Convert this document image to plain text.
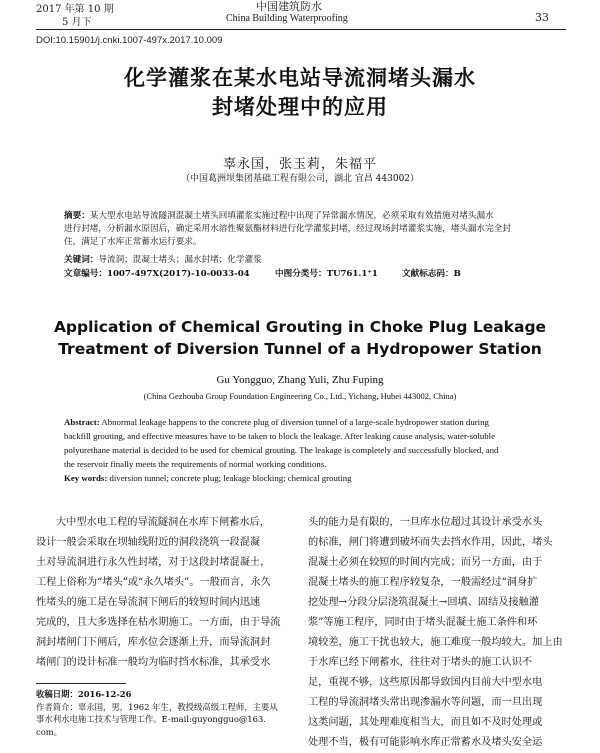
2017 年第 10 期	中国建筑防水
5 月下	China Building Waterproofing	33
DOI:10.15901/j.cnki.1007-497x.2017.10.009
化学灌浆在某水电站导流洞堵头漏水
封堵处理中的应用
辜永国，张玉莉，朱福平
（中国葛洲坝集团基础工程有限公司，湖北 宜昌 443002）
摘要：某大型水电站导流隧洞混凝土堵头回填灌浆实施过程中出现了异常漏水情况，必须采取有效措施对堵头漏水
进行封堵，分析漏水原因后，确定采用水溶性聚氨酯材料进行化学灌浆封堵，经过现场封堵灌浆实施，堵头漏水完全封
住，满足了水库正常蓄水运行要求。
关键词：导流洞；混凝土堵头；漏水封堵；化学灌浆
文章编号：1007-497X(2017)-10-0033-04	中图分类号：TU761.1⁺1	文献标志码：B
Application of Chemical Grouting in Choke Plug Leakage
Treatment of Diversion Tunnel of a Hydropower Station
Gu Yongguo, Zhang Yuli, Zhu Fuping
(China Gezhouba Group Foundation Engineering Co., Ltd., Yichang, Hubei 443002, China)
Abstract: Abnormal leakage happens to the concrete plug of diversion tunnel of a large-scale hydropower station during
backfill grouting, and effective measures have to be taken to block the leakage. After leaking cause analysis, water-soluble
polyurethane material is decided to be used for chemical grouting. The leakage is completely and successfully blocked, and
the reservoir finally meets the requirements of normal working conditions.
Key words: diversion tunnel; concrete plug; leakage blocking; chemical grouting
大中型水电工程的导流隧洞在水库下闸蓄水后，
设计一般会采取在坝轴线附近的洞段浇筑一段混凝
土对导流洞进行永久性封堵，对于这段封堵混凝土，
工程上俗称为“堵头”或“永久堵头”。一般而言，永久
性堵头的施工是在导流洞下闸后的较短时间内迅速
完成的，且大多选择在枯水期施工。一方面，由于导流
洞封堵闸门下闸后，库水位会逐渐上升，而导流洞封
堵闸门的设计标准一般均为临时挡水标准，其承受水
收稿日期：2016-12-26
作者简介：辜永国，男，1962 年生，教授级高级工程师，主要从
事水利水电施工技术与管理工作。E-mail:guyongguo@163.
com。
头的能力是有限的，一旦库水位超过其设计承受水头
的标准，闸门将遭到破坏而失去挡水作用，因此，堵头
混凝土必须在较短的时间内完成；而另一方面，由于
混凝土堵头的施工程序较复杂，一般需经过“洞身扩
挖处理→分段分层浇筑混凝土→回填、固结及接触灌
浆”等施工程序，同时由于堵头混凝土施工条件和环
境较差，施工干扰也较大，施工难度一般均较大。加上由
于水库已经下闸蓄水，往往对于堵头的施工认识不
足，重视不够，这些原因都导致国内目前大中型水电
工程的导流洞堵头常出现渗漏水等问题，而一旦出现
这类问题，其处理难度相当大，而且如不及时处理或
处理不当，极有可能影响水库正常蓄水及堵头安全运
